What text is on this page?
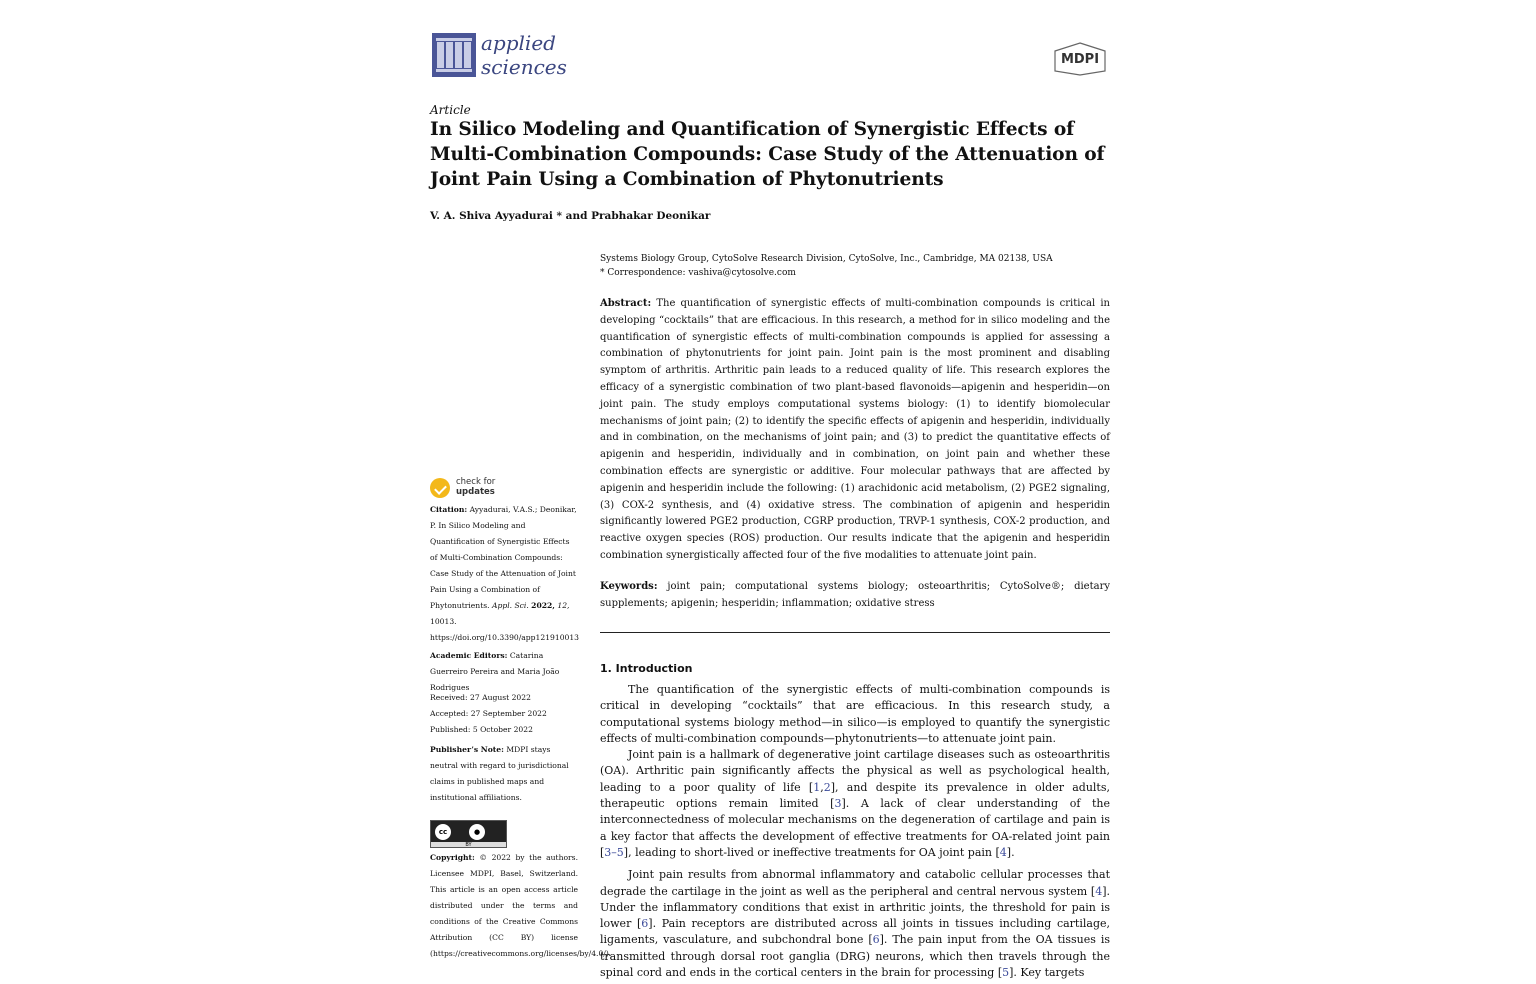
applied
sciences	MDPI
Article
In Silico Modeling and Quantification of Synergistic Effects of Multi-Combination Compounds: Case Study of the Attenuation of Joint Pain Using a Combination of Phytonutrients
V. A. Shiva Ayyadurai * and Prabhakar Deonikar
Systems Biology Group, CytoSolve Research Division, CytoSolve, Inc., Cambridge, MA 02138, USA
* Correspondence: vashiva@cytosolve.com

Abstract: The quantification of synergistic effects of multi-combination compounds is critical in developing “cocktails” that are efficacious. In this research, a method for in silico modeling and the quantification of synergistic effects of multi-combination compounds is applied for assessing a combination of phytonutrients for joint pain. Joint pain is the most prominent and disabling symptom of arthritis. Arthritic pain leads to a reduced quality of life. This research explores the efficacy of a synergistic combination of two plant-based flavonoids—apigenin and hesperidin—on joint pain. The study employs computational systems biology: (1) to identify biomolecular mechanisms of joint pain; (2) to identify the specific effects of apigenin and hesperidin, individually and in combination, on the mechanisms of joint pain; and (3) to predict the quantitative effects of apigenin and hesperidin, individually and in combination, on joint pain and whether these combination effects are synergistic or additive. Four molecular pathways that are affected by apigenin and hesperidin include the following: (1) arachidonic acid metabolism, (2) PGE2 signaling, (3) COX-2 synthesis, and (4) oxidative stress. The combination of apigenin and hesperidin significantly lowered PGE2 production, CGRP production, TRVP-1 synthesis, COX-2 production, and reactive oxygen species (ROS) production. Our results indicate that the apigenin and hesperidin combination synergistically affected four of the five modalities to attenuate joint pain.

Keywords: joint pain; computational systems biology; osteoarthritis; CytoSolve®; dietary supplements; apigenin; hesperidin; inflammation; oxidative stress

1. Introduction

The quantification of the synergistic effects of multi-combination compounds is critical in developing “cocktails” that are efficacious. In this research study, a computational systems biology method—in silico—is employed to quantify the synergistic effects of multi-combination compounds—phytonutrients—to attenuate joint pain.

Joint pain is a hallmark of degenerative joint cartilage diseases such as osteoarthritis (OA). Arthritic pain significantly affects the physical as well as psychological health, leading to a poor quality of life [1,2], and despite its prevalence in older adults, therapeutic options remain limited [3]. A lack of clear understanding of the interconnectedness of molecular mechanisms on the degeneration of cartilage and pain is a key factor that affects the development of effective treatments for OA-related joint pain [3–5], leading to short-lived or ineffective treatments for OA joint pain [4].

Joint pain results from abnormal inflammatory and catabolic cellular processes that degrade the cartilage in the joint as well as the peripheral and central nervous system [4]. Under the inflammatory conditions that exist in arthritic joints, the threshold for pain is lower [6]. Pain receptors are distributed across all joints in tissues including cartilage, ligaments, vasculature, and subchondral bone [6]. The pain input from the OA tissues is transmitted through dorsal root ganglia (DRG) neurons, which then travels through the spinal cord and ends in the cortical centers in the brain for processing [5]. Key targets

check for
updates
Citation: Ayyadurai, V.A.S.; Deonikar, P. In Silico Modeling and Quantification of Synergistic Effects of Multi-Combination Compounds: Case Study of the Attenuation of Joint Pain Using a Combination of Phytonutrients. Appl. Sci. 2022, 12, 10013. https://doi.org/10.3390/app121910013
Academic Editors: Catarina Guerreiro Pereira and Maria João Rodrigues
Received: 27 August 2022
Accepted: 27 September 2022
Published: 5 October 2022
Publisher’s Note: MDPI stays neutral with regard to jurisdictional claims in published maps and institutional affiliations.
cc	●
BY
Copyright: © 2022 by the authors. Licensee MDPI, Basel, Switzerland. This article is an open access article distributed under the terms and conditions of the Creative Commons Attribution (CC BY) license (https://creativecommons.org/licenses/by/4.0/).
